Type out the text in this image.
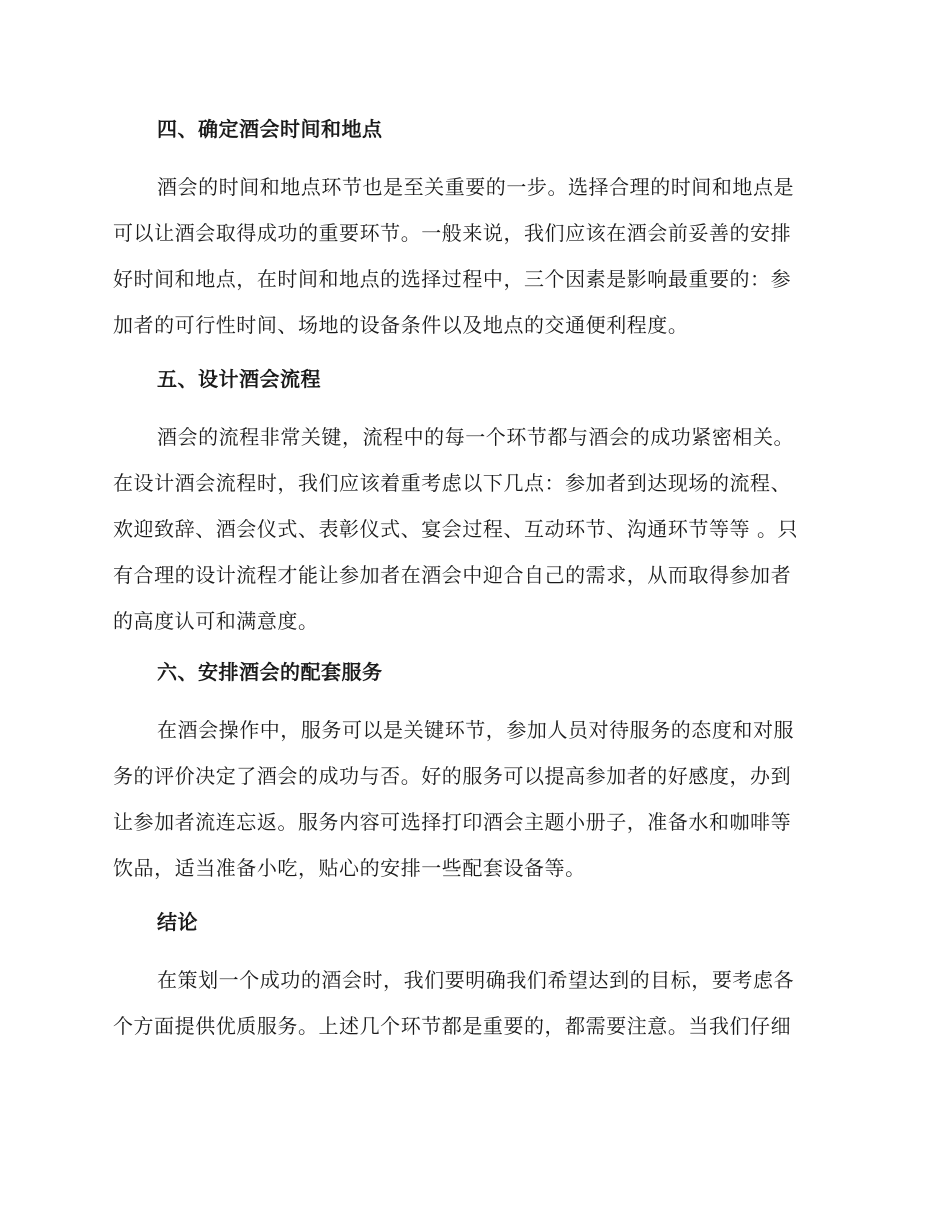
四、确定酒会时间和地点
酒会的时间和地点环节也是至关重要的一步。选择合理的时间和地点是
可以让酒会取得成功的重要环节。一般来说，我们应该在酒会前妥善的安排
好时间和地点，在时间和地点的选择过程中，三个因素是影响最重要的：参
加者的可行性时间、场地的设备条件以及地点的交通便利程度。
五、设计酒会流程
酒会的流程非常关键，流程中的每一个环节都与酒会的成功紧密相关。
在设计酒会流程时，我们应该着重考虑以下几点：参加者到达现场的流程、
欢迎致辞、酒会仪式、表彰仪式、宴会过程、互动环节、沟通环节等等 。只
有合理的设计流程才能让参加者在酒会中迎合自己的需求，从而取得参加者
的高度认可和满意度。
六、安排酒会的配套服务
在酒会操作中，服务可以是关键环节，参加人员对待服务的态度和对服
务的评价决定了酒会的成功与否。好的服务可以提高参加者的好感度，办到
让参加者流连忘返。服务内容可选择打印酒会主题小册子，准备水和咖啡等
饮品，适当准备小吃，贴心的安排一些配套设备等。
结论
在策划一个成功的酒会时，我们要明确我们希望达到的目标，要考虑各
个方面提供优质服务。上述几个环节都是重要的，都需要注意。当我们仔细
